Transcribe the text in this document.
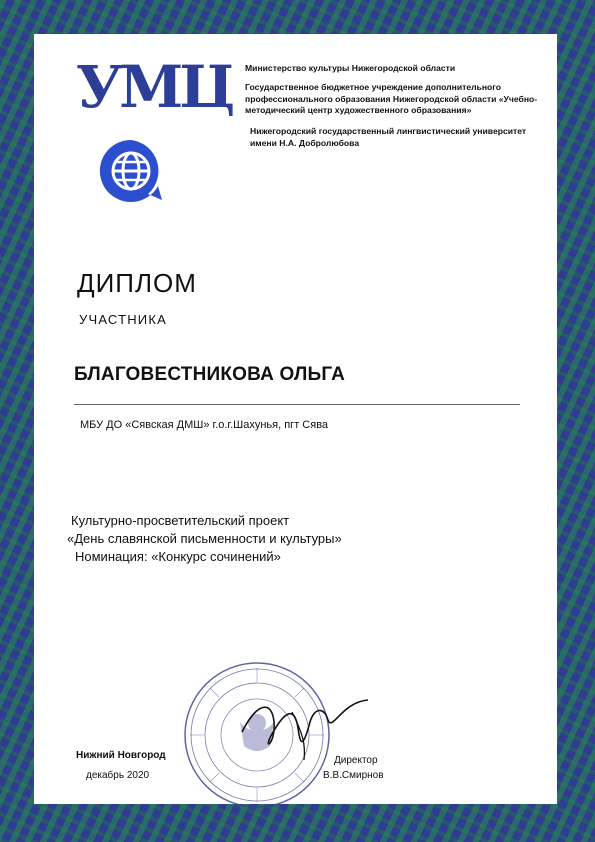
УМЦ Министерство культуры Нижегородской области
Государственное бюджетное учреждение дополнительного профессионального образования Нижегородской области «Учебно-методический центр художественного образования»
Нижегородский государственный лингвистический университет имени Н.А. Добролюбова
ДИПЛОМ
УЧАСТНИКА
БЛАГОВЕСТНИКОВА ОЛЬГА
МБУ ДО «Сявская ДМШ» г.о.г.Шахунья, пгт Сява
Культурно-просветительский проект
«День славянской письменности и культуры»
Номинация: «Конкурс сочинений»
Нижний Новгород
декабрь 2020
Директор
В.В.Смирнов
